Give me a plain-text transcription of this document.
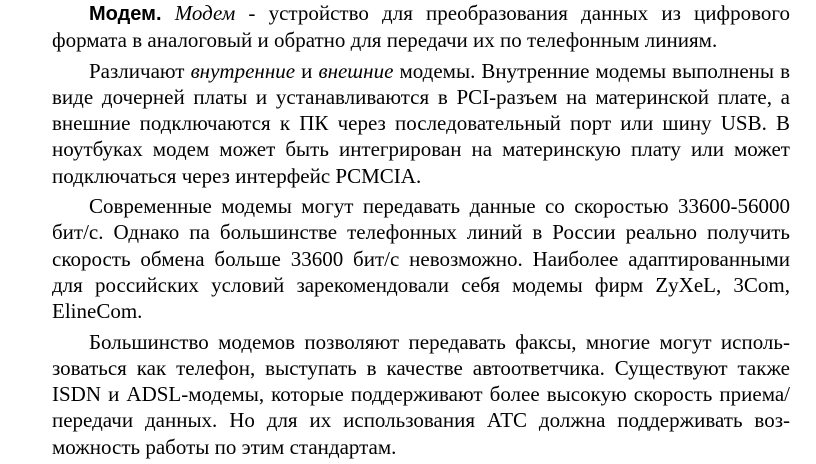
Модем. Модем - устройство для преобразования данных из цифрового формата в аналоговый и обратно для передачи их по телефонным линиям.

Различают внутренние и внешние модемы. Внутренние модемы выполнены в виде дочерней платы и устанавливаются в PCI-разъем на материнской плате, а внешние подключаются к ПК через последовательный порт или шину USB. В ноутбуках модем может быть интегрирован на материнскую плату или может подключаться через интерфейс PCMCIA.

Современные модемы могут передавать данные со скоростью 33600-56000 бит/с. Однако па большинстве телефонных линий в России реально получить скорость обмена больше 33600 бит/с невозможно. Наиболее адаптированными для российских условий зарекомендовали себя модемы фирм ZyXeL, 3Com, ElineCom.

Большинство модемов позволяют передавать факсы, многие могут использоваться как телефон, выступать в качестве автоответчика. Существуют также ISDN и ADSL-модемы, которые поддерживают более высокую скорость приема/передачи данных. Но для их использования АТС должна поддерживать возможность работы по этим стандартам.
